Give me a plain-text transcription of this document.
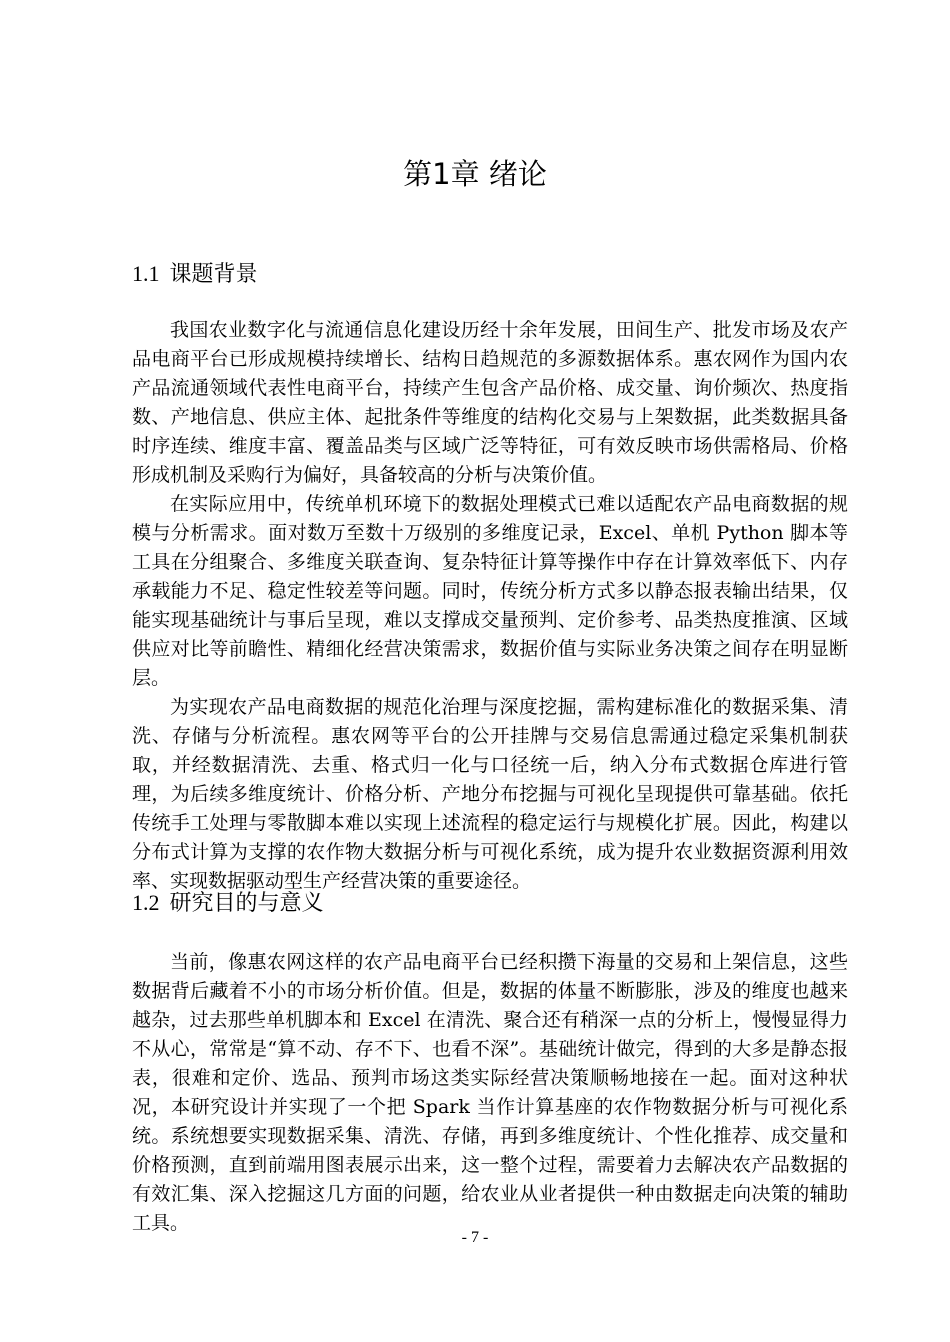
第1章 绪论
1.1 课题背景

我国农业数字化与流通信息化建设历经十余年发展，田间生产、批发市场及农产品电商平台已形成规模持续增长、结构日趋规范的多源数据体系。惠农网作为国内农产品流通领域代表性电商平台，持续产生包含产品价格、成交量、询价频次、热度指数、产地信息、供应主体、起批条件等维度的结构化交易与上架数据，此类数据具备时序连续、维度丰富、覆盖品类与区域广泛等特征，可有效反映市场供需格局、价格形成机制及采购行为偏好，具备较高的分析与决策价值。

在实际应用中，传统单机环境下的数据处理模式已难以适配农产品电商数据的规模与分析需求。面对数万至数十万级别的多维度记录，Excel、单机 Python 脚本等工具在分组聚合、多维度关联查询、复杂特征计算等操作中存在计算效率低下、内存承载能力不足、稳定性较差等问题。同时，传统分析方式多以静态报表输出结果，仅能实现基础统计与事后呈现，难以支撑成交量预判、定价参考、品类热度推演、区域供应对比等前瞻性、精细化经营决策需求，数据价值与实际业务决策之间存在明显断层。

为实现农产品电商数据的规范化治理与深度挖掘，需构建标准化的数据采集、清洗、存储与分析流程。惠农网等平台的公开挂牌与交易信息需通过稳定采集机制获取，并经数据清洗、去重、格式归一化与口径统一后，纳入分布式数据仓库进行管理，为后续多维度统计、价格分析、产地分布挖掘与可视化呈现提供可靠基础。依托传统手工处理与零散脚本难以实现上述流程的稳定运行与规模化扩展。因此，构建以分布式计算为支撑的农作物大数据分析与可视化系统，成为提升农业数据资源利用效率、实现数据驱动型生产经营决策的重要途径。

1.2 研究目的与意义

当前，像惠农网这样的农产品电商平台已经积攒下海量的交易和上架信息，这些数据背后藏着不小的市场分析价值。但是，数据的体量不断膨胀，涉及的维度也越来越杂，过去那些单机脚本和 Excel 在清洗、聚合还有稍深一点的分析上，慢慢显得力不从心，常常是“算不动、存不下、也看不深”。基础统计做完，得到的大多是静态报表，很难和定价、选品、预判市场这类实际经营决策顺畅地接在一起。面对这种状况，本研究设计并实现了一个把 Spark 当作计算基座的农作物数据分析与可视化系统。系统想要实现数据采集、清洗、存储，再到多维度统计、个性化推荐、成交量和价格预测，直到前端用图表展示出来，这一整个过程，需要着力去解决农产品数据的有效汇集、深入挖掘这几方面的问题，给农业从业者提供一种由数据走向决策的辅助工具。

- 7 -
